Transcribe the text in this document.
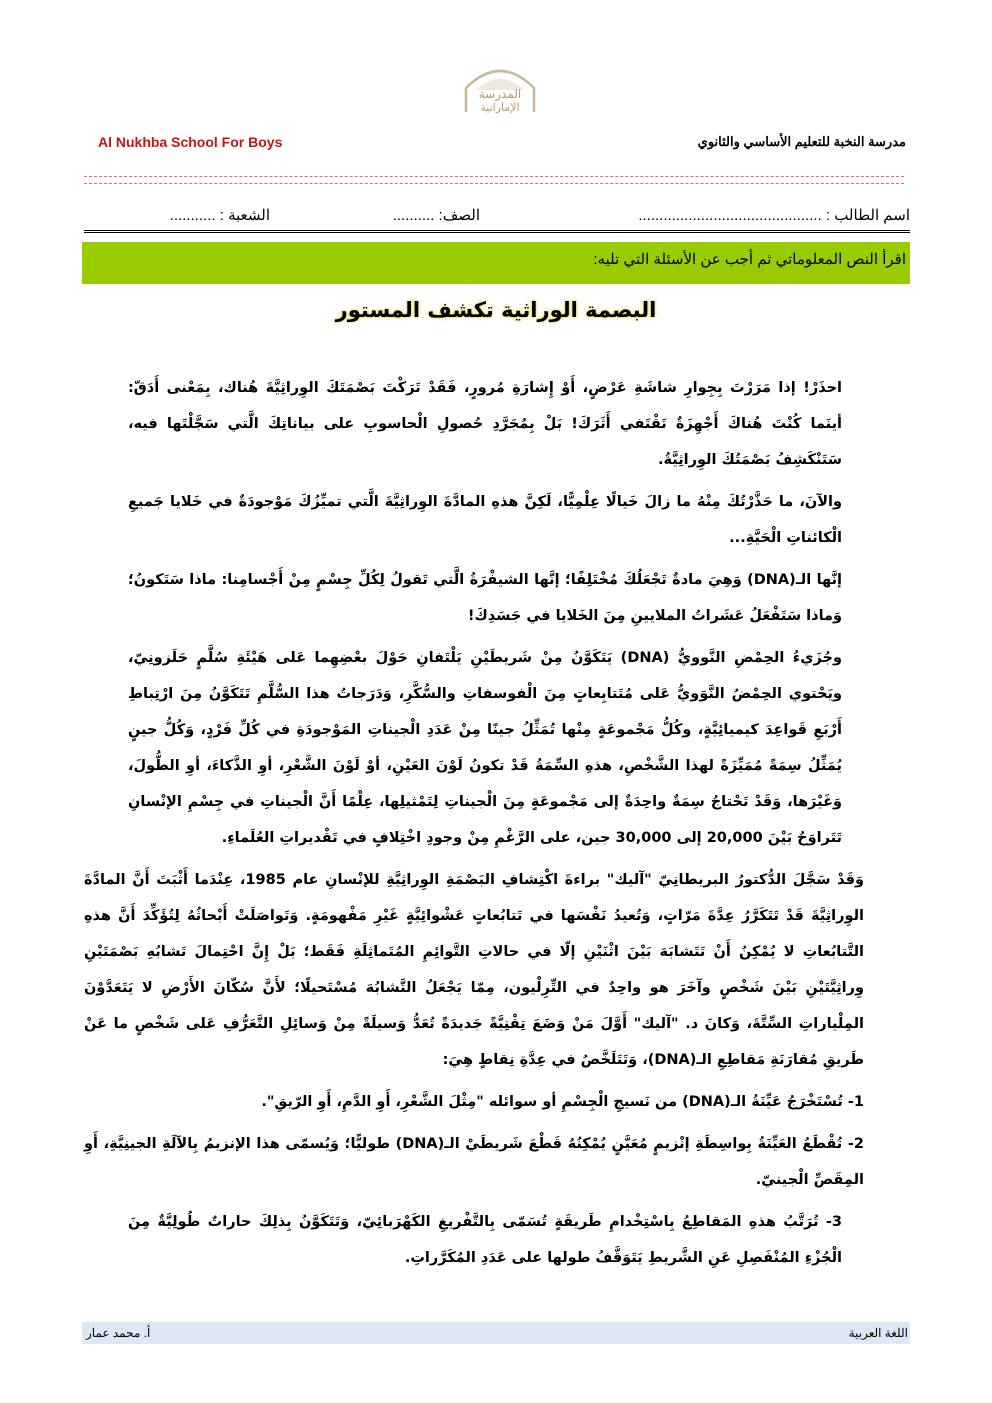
المدرسة
الإماراتية
Al Nukhba School For Boys	مدرسة النخبة للتعليم الأساسي والثانوي
اسم الطالب : ............................................
الصف: ..........
الشعبة : ...........
اقرأ النص المعلوماتي ثم أجب عن الأسئلة التي تليه:
البصمة الوراثية تكشف المستور

احذَرْ! إذا مَرَرْتَ بِجِوارِ شاشَةِ عَرْضٍ، أَوْ إِشارَةِ مُرورٍ، فَقَدْ تَرَكْتَ بَصْمَتَكَ الوِراثِيَّةَ هُناك، بِمَعْنى أَدَقّ: أينَما كُنْتَ هُناكَ أَجْهِزَةٌ تَقْتَفي أَثَرَكَ! بَلْ بِمُجَرَّدِ حُصولِ الْحاسوبِ على بياناتِكَ الَّتي سَجَّلْتَها فيه، سَتَنْكَشِفُ بَصْمَتُكَ الوِراثِيَّةُ.

والآنَ، ما حَذَّرْتُكَ مِنْهُ ما زالَ خَيالًا عِلْمِيًّا، لَكِنَّ هذهِ المادَّةَ الوِراثِيَّةَ الَّتي تميِّزُكَ مَوْجودَةٌ في خَلايا جَميعِ الْكائناتِ الْحَيَّةِ...

إنَّها الـ(DNA) وَهِيَ مادةٌ تَجْعَلُكَ مُخْتَلِفًا؛ إنَّها الشيفْرَةُ الَّتي تَقولُ لِكُلِّ جِسْمٍ مِنْ أَجْسامِنا: ماذا سَتَكونُ؛ وَماذا سَتَفْعَلُ عَشَراتُ الملايينِ مِنَ الخَلايا في جَسَدِكَ!

وجُزَيءُ الحِمْضِ النَّوويُّ (DNA) يَتَكَوَّنُ مِنْ شَريطَيْنِ يَلْتَفانِ حَوْلَ بعْضِهِما عَلى هَيْئَةِ سُلَّمٍ حَلَزونِيّ، ويَحْتوي الحِمْضُ النَّوَويُّ عَلى مُتَتابِعاتٍ مِنَ الْفوسفاتِ والسُّكَّرِ، وَدَرَجاتُ هذا السُّلَّمِ تَتَكَوَّنُ مِنَ ارْتِباطِ أَرْبَعِ قَواعِدَ كيميائِيَّةٍ، وكُلُّ مَجْموعَةٍ مِنْها تُمَثِّلُ جينًا مِنْ عَدَدِ الْجيناتِ المَوْجودَةِ في كُلِّ فَرْدٍ، وَكُلُّ جينٍ يُمَثِّلُ سِمَةً مُمَيِّزَةً لهذا الشَّخْصِ، هذهِ السِّمَةُ قَدْ تكونُ لَوْنَ العَيْنِ، أوْ لَوْنَ الشَّعْرِ، أوِ الذَّكاءَ، أوِ الطُّولَ، وَغَيْرَها، وَقَدْ تَحْتاجُ سِمَةٌ واحِدَةٌ إلى مَجْموعَةٍ مِنَ الْجيناتِ لِتَمْثيلِها، عِلْمًا أَنَّ الْجيناتِ في جِسْمِ الإنْسانِ تَتَراوَحُ بَيْنَ 20,000 إلى 30,000 جين، على الرَّغْمِ مِنْ وجودِ اخْتِلافٍ في تَقْديراتِ العُلَماءِ.

وَقَدْ سَجَّلَ الدُّكتورُ البريطانِيّ "آليك" براءةَ اكْتِشافِ البَصْمَةِ الوِراثِيَّةِ للإنْسانِ عام 1985، عِنْدَما أَثْبَتَ أَنَّ المادَّةَ الوِراثِيَّةَ قَدْ تَتَكَرَّرُ عِدَّةَ مَرّاتٍ، وَتُعيدُ نَفْسَها في تَتابُعاتٍ عَشْوائِيَّةٍ غَيْرِ مَفْهومَةٍ. وَتَواصَلَتْ أَبْحاثُهُ لِتُؤَكِّدَ أَنَّ هذهِ التَّتابُعاتِ لا يُمْكِنُ أَنْ تَتَشابَهَ بَيْنَ اثْنَيْنِ إلّا في حالاتِ التَّوائِمِ المُتَماثِلَةِ فَقَط؛ بَلْ إِنَّ احْتِمالَ تَشابُهِ بَصْمَتَيْنِ وِراثِيَّتَيْنِ بَيْنَ شَخْصٍ وآخَرَ هو واحِدٌ في التِّرِلْيون، مِمّا يَجْعَلُ التَّشابُهَ مُسْتَحيلًا؛ لأَنَّ سُكّانَ الأَرْضِ لا يَتَعَدَّوْنَ المِلْياراتِ السِّتَّةَ، وَكانَ د. "آليك" أَوَّلَ مَنْ وَضَعَ تِقْنِيَّةً جَديدَةً تُعَدُّ وَسيلَةً مِنْ وَسائِلِ التَّعَرُّفِ عَلى شَخْصٍ ما عَنْ طَريقِ مُقارَنَةِ مَقاطِعِ الـ(DNA)، وَتَتَلَخَّصُ في عِدَّةِ نِقاطٍ هِيَ:

1- تُسْتَخْرَجُ عَيِّنَةُ الـ(DNA) من نَسيجِ الْجِسْمِ أو سوائله "مِثْلَ الشَّعْرِ، أَوِ الدَّمِ، أَوِ الرّيقِ".

2- تُقْطَعُ العَيِّنَةُ بِواسِطَةِ إنْزيمٍ مُعَيَّنٍ يُمْكِنُهُ قَطْعَ شَريطَيْ الـ(DNA) طوليًّا؛ وَيُسمّى هذا الإنزيمُ بِالآلَةِ الجينِيَّةِ، أَوِ المِقَصِّ الْجينيّ.

3- تُرَتَّبُ هذهِ المَقاطِعُ بِاسْتِخْدامِ طَريقَةٍ تُسَمّى بِالتَّفْريغِ الكَهْرَبائِيّ، وَتَتَكَوَّنُ بِذلِكَ حاراتٌ طُولِيَّةٌ مِنَ الْجُزْءِ المُنْفَصِلِ عَنِ الشَّريطِ يَتَوَقَّفُ طولها على عَدَدِ المُكَرَّراتِ.

اللغة العربية
أ. محمد عمار
